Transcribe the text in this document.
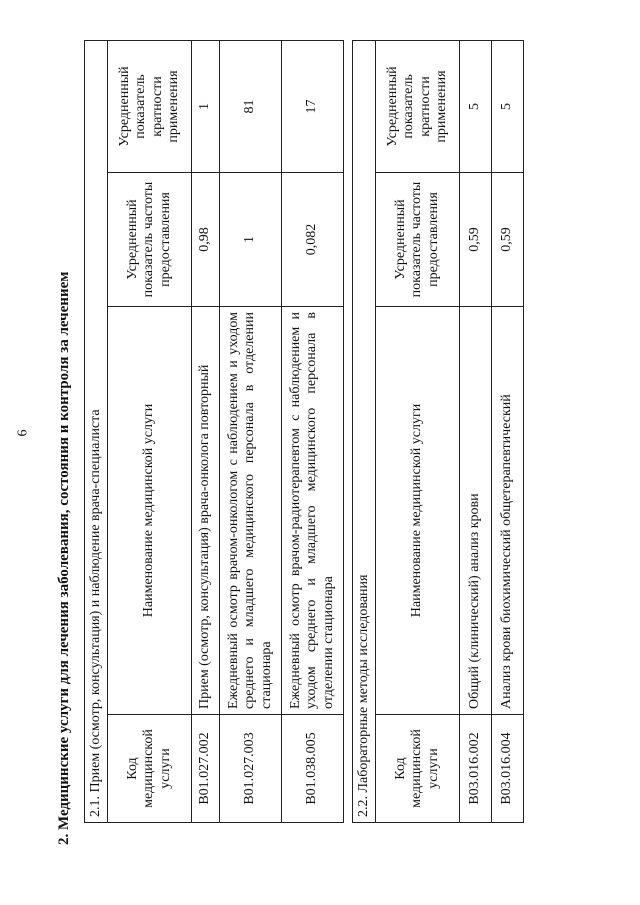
6 2. Медицинские услуги для лечения заболевания, состояния и контроля за лечением 2.1. Прием (осмотр, консультация) и наблюдение врача-специалиста			
Код медицинской услуги	Наименование медицинской услуги	Усредненный показатель частоты предоставления	Усредненный показатель кратности применения
B01.027.002	Прием (осмотр, консультация) врача-онколога повторный	0,98	1
B01.027.003	Ежедневный осмотр врачом-онкологом с наблюдением и уходом среднего и младшего медицинского персонала в отделении стационара	1	81
B01.038.005	Ежедневный осмотр врачом-радиотерапевтом с наблюдением и уходом среднего и младшего медицинского персонала в отделении стационара	0,082	17
2.2. Лабораторные методы исследования			
Код медицинской услуги	Наименование медицинской услуги	Усредненный показатель частоты предоставления	Усредненный показатель кратности применения
B03.016.002	Общий (клинический) анализ крови	0,59	5
B03.016.004	Анализ крови биохимический общетерапевтический	0,59	5
